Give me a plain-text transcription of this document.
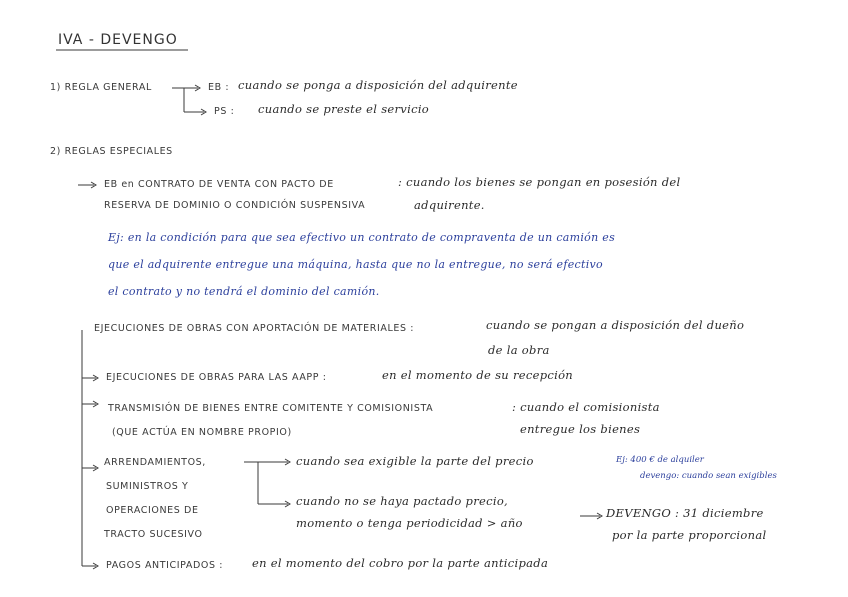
IVA - DEVENGO
1) REGLA GENERAL	EB : cuando se ponga a disposición del adquirente
PS : cuando se preste el servicio
2) REGLAS ESPECIALES
EB en CONTRATO DE VENTA CON PACTO DE
RESERVA DE DOMINIO O CONDICIÓN SUSPENSIVA
: cuando los bienes se pongan en posesión del
adquirente.
Ej: en la condición para que sea efectivo un contrato de compraventa de un camión es
que el adquirente entregue una máquina, hasta que no la entregue, no será efectivo
el contrato y no tendrá el dominio del camión.
EJECUCIONES DE OBRAS CON APORTACIÓN DE MATERIALES :	cuando se pongan a disposición del dueño
de la obra
EJECUCIONES DE OBRAS PARA LAS AAPP :	en el momento de su recepción
TRANSMISIÓN DE BIENES ENTRE COMITENTE Y COMISIONISTA
(QUE ACTÚA EN NOMBRE PROPIO)
: cuando el comisionista
entregue los bienes
ARRENDAMIENTOS,
SUMINISTROS Y
OPERACIONES DE
TRACTO SUCESIVO
cuando sea exigible la parte del precio	Ej: 400 € de alquiler
devengo: cuando sean exigibles
cuando no se haya pactado precio,
momento o tenga periodicidad > año
DEVENGO : 31 diciembre
por la parte proporcional
PAGOS ANTICIPADOS :	en el momento del cobro por la parte anticipada
